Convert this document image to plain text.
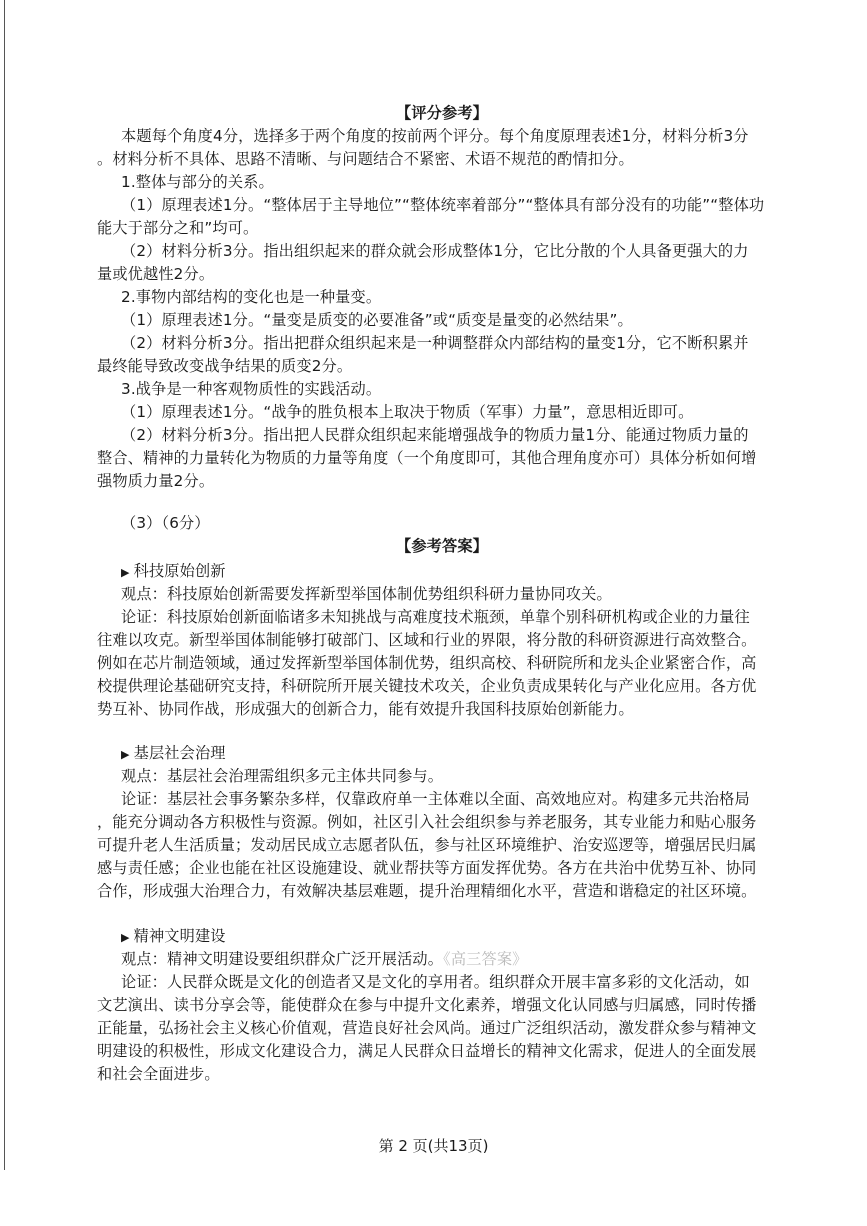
【评分参考】
本题每个角度4分，选择多于两个角度的按前两个评分。每个角度原理表述1分，材料分析3分
。材料分析不具体、思路不清晰、与问题结合不紧密、术语不规范的酌情扣分。
1.整体与部分的关系。
（1）原理表述1分。“整体居于主导地位”“整体统率着部分”“整体具有部分没有的功能”“整体功
能大于部分之和”均可。
（2）材料分析3分。指出组织起来的群众就会形成整体1分，它比分散的个人具备更强大的力
量或优越性2分。
2.事物内部结构的变化也是一种量变。
（1）原理表述1分。“量变是质变的必要准备”或“质变是量变的必然结果”。
（2）材料分析3分。指出把群众组织起来是一种调整群众内部结构的量变1分，它不断积累并
最终能导致改变战争结果的质变2分。
3.战争是一种客观物质性的实践活动。
（1）原理表述1分。“战争的胜负根本上取决于物质（军事）力量”，意思相近即可。
（2）材料分析3分。指出把人民群众组织起来能增强战争的物质力量1分、能通过物质力量的
整合、精神的力量转化为物质的力量等角度（一个角度即可，其他合理角度亦可）具体分析如何增
强物质力量2分。
（3）（6分）
【参考答案】
▶ 科技原始创新
观点：科技原始创新需要发挥新型举国体制优势组织科研力量协同攻关。
论证：科技原始创新面临诸多未知挑战与高难度技术瓶颈，单靠个别科研机构或企业的力量往
往难以攻克。新型举国体制能够打破部门、区域和行业的界限，将分散的科研资源进行高效整合。
例如在芯片制造领域，通过发挥新型举国体制优势，组织高校、科研院所和龙头企业紧密合作，高
校提供理论基础研究支持，科研院所开展关键技术攻关，企业负责成果转化与产业化应用。各方优
势互补、协同作战，形成强大的创新合力，能有效提升我国科技原始创新能力。
▶ 基层社会治理
观点：基层社会治理需组织多元主体共同参与。
论证：基层社会事务繁杂多样，仅靠政府单一主体难以全面、高效地应对。构建多元共治格局
，能充分调动各方积极性与资源。例如，社区引入社会组织参与养老服务，其专业能力和贴心服务
可提升老人生活质量；发动居民成立志愿者队伍，参与社区环境维护、治安巡逻等，增强居民归属
感与责任感；企业也能在社区设施建设、就业帮扶等方面发挥优势。各方在共治中优势互补、协同
合作，形成强大治理合力，有效解决基层难题，提升治理精细化水平，营造和谐稳定的社区环境。
▶ 精神文明建设
观点：精神文明建设要组织群众广泛开展活动。《高三答案》
论证：人民群众既是文化的创造者又是文化的享用者。组织群众开展丰富多彩的文化活动，如
文艺演出、读书分享会等，能使群众在参与中提升文化素养，增强文化认同感与归属感，同时传播
正能量，弘扬社会主义核心价值观，营造良好社会风尚。通过广泛组织活动，激发群众参与精神文
明建设的积极性，形成文化建设合力，满足人民群众日益增长的精神文化需求，促进人的全面发展
和社会全面进步。
第 2 页(共13页)
